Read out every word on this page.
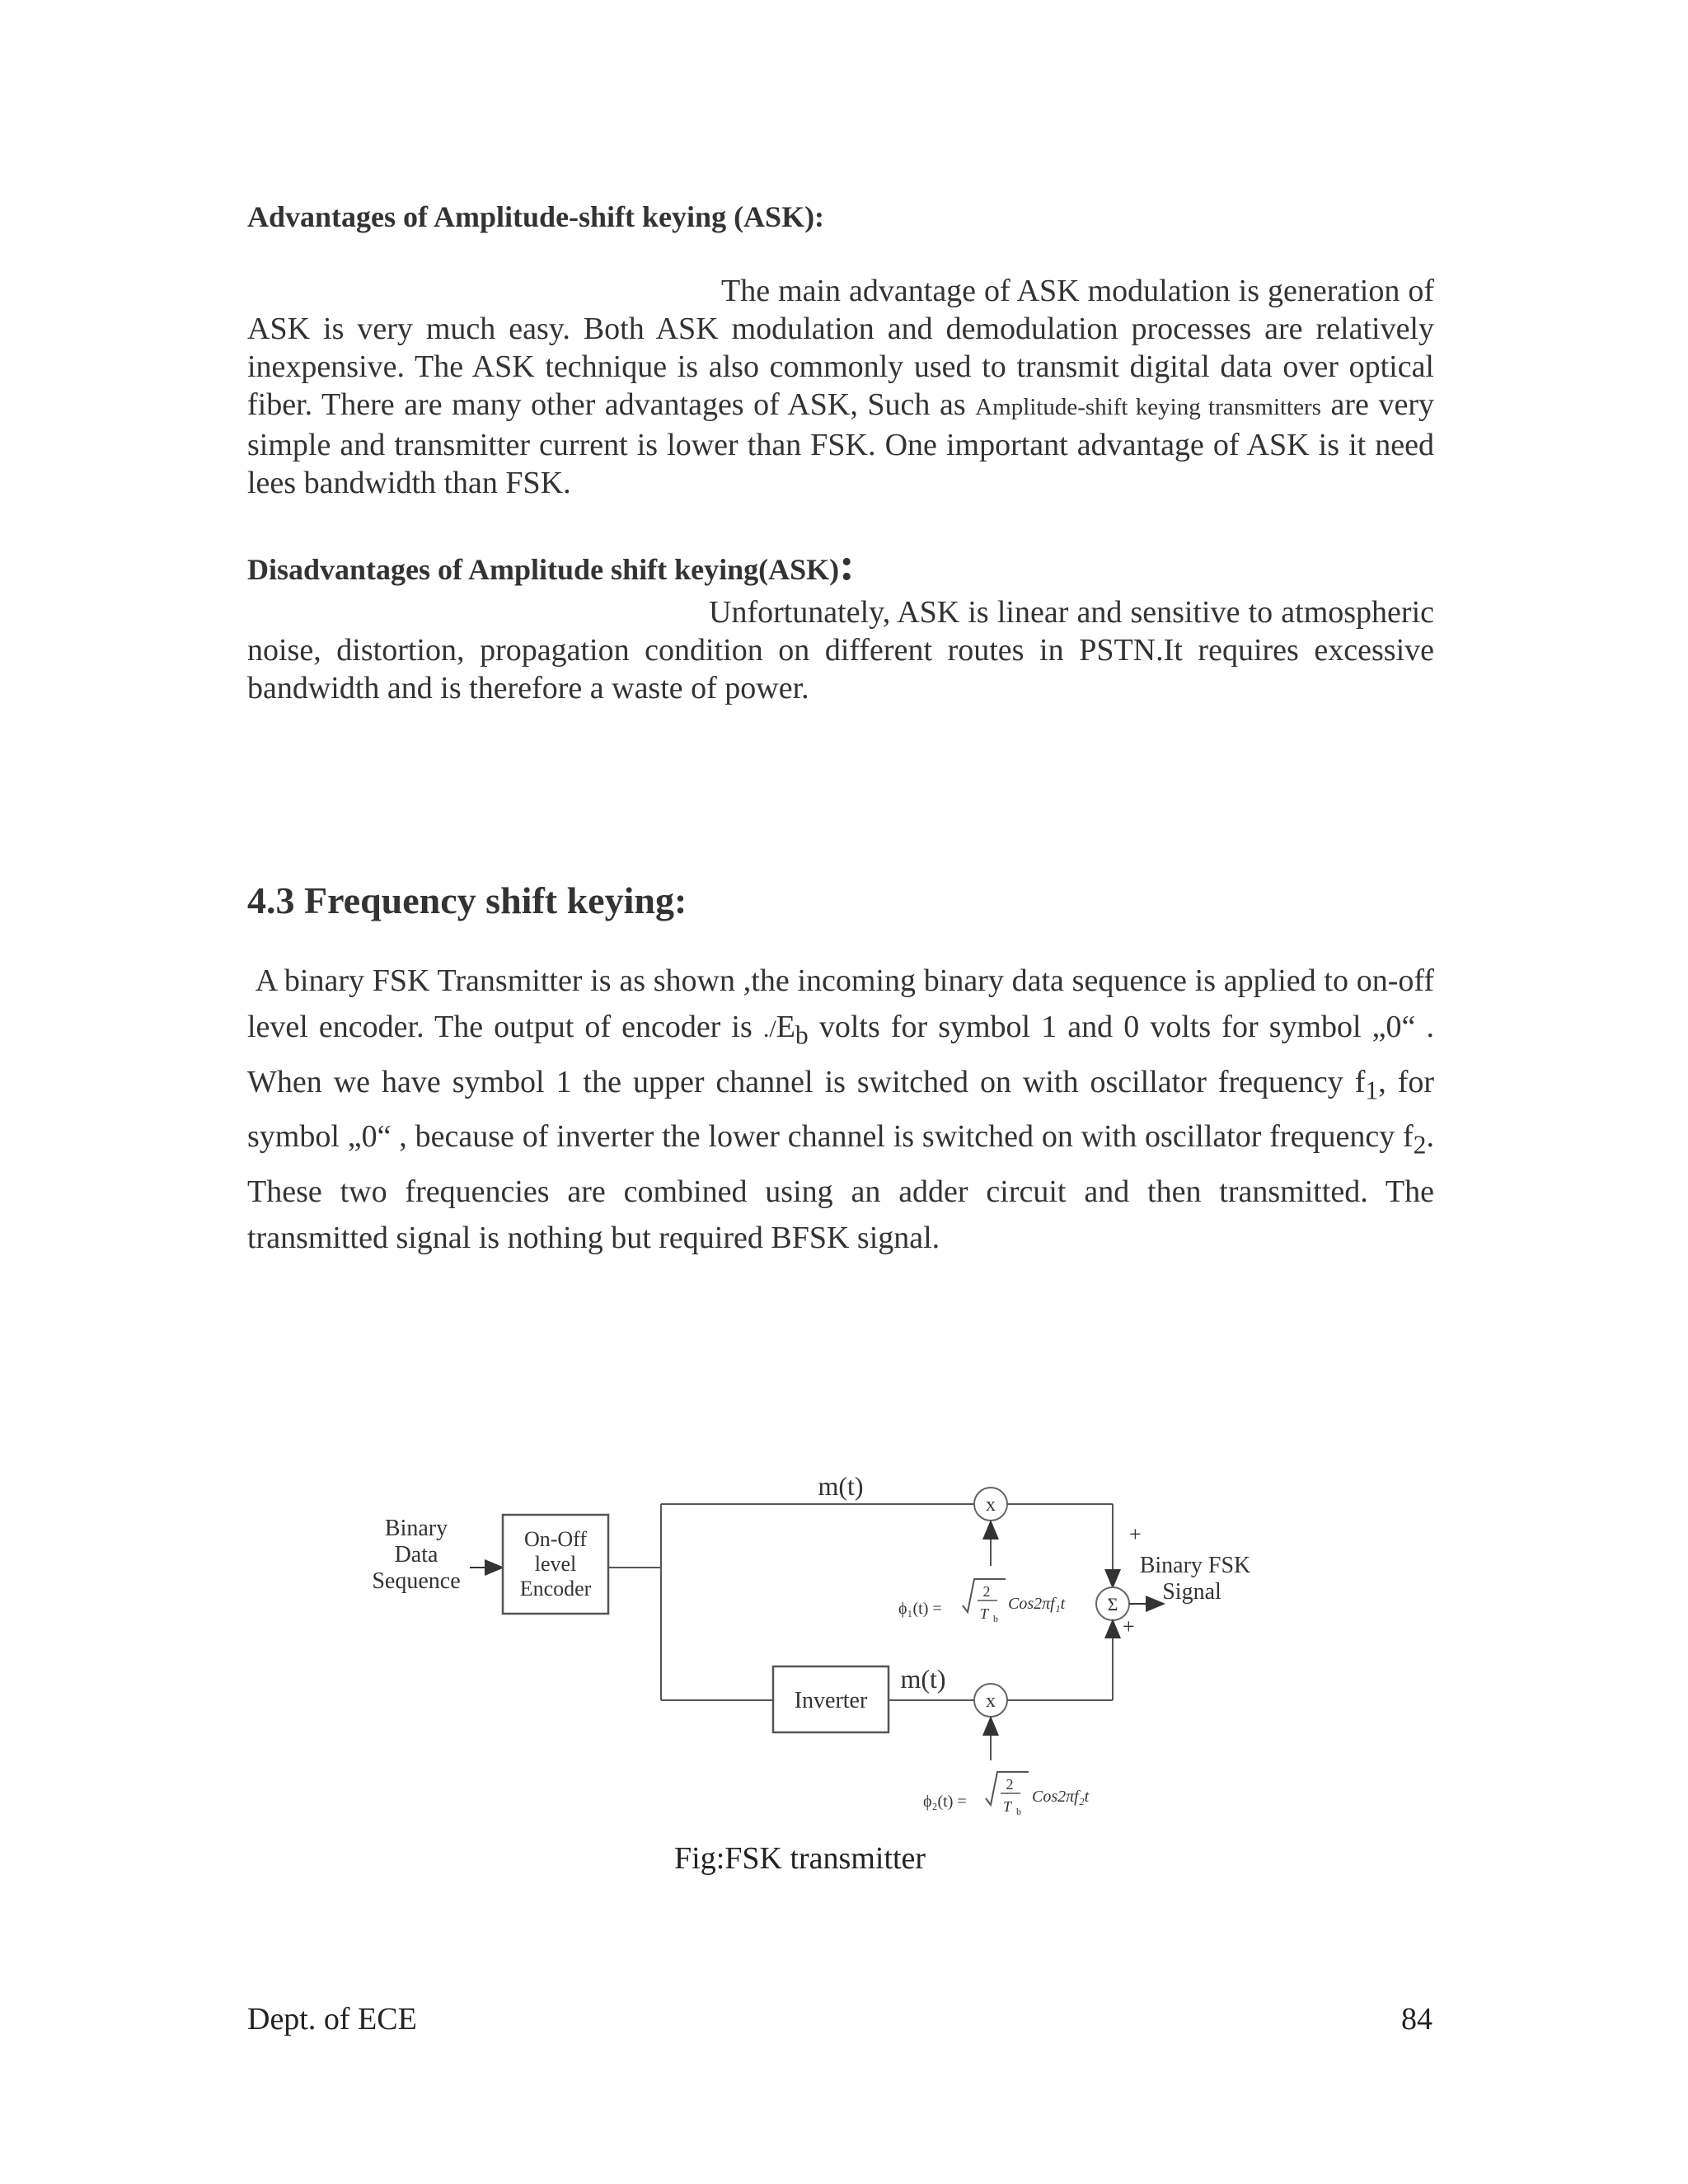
Advantages of Amplitude-shift keying (ASK):
The main advantage of ASK modulation is generation of ASK is very much easy. Both ASK modulation and demodulation processes are relatively inexpensive. The ASK technique is also commonly used to transmit digital data over optical fiber. There are many other advantages of ASK, Such as Amplitude-shift keying transmitters are very simple and transmitter current is lower than FSK. One important advantage of ASK is it need lees bandwidth than FSK.
Disadvantages of Amplitude shift keying(ASK):
Unfortunately, ASK is linear and sensitive to atmospheric noise, distortion, propagation condition on different routes in PSTN.It requires excessive bandwidth and is therefore a waste of power.
4.3 Frequency shift keying:
A binary FSK Transmitter is as shown ,the incoming binary data sequence is applied to on-off level encoder. The output of encoder is $./E_b$ volts for symbol 1 and 0 volts for symbol „0“ . When we have symbol 1 the upper channel is switched on with oscillator frequency $f_1$, for symbol „0“ , because of inverter the lower channel is switched on with oscillator frequency $f_2$. These two frequencies are combined using an adder circuit and then transmitted. The transmitted signal is nothing but required BFSK signal.
Binary
Data
Sequence
On-Off
level
Encoder
m(t)
x
+
ϕ₁(t) =
2
T b
Cos2πf₁t Σ
Binary FSK
Signal
+
Inverter
m(t)
x
ϕ₂(t) =
2
T b
Cos2πf₂t
Fig:FSK transmitter
Dept. of ECE	84
